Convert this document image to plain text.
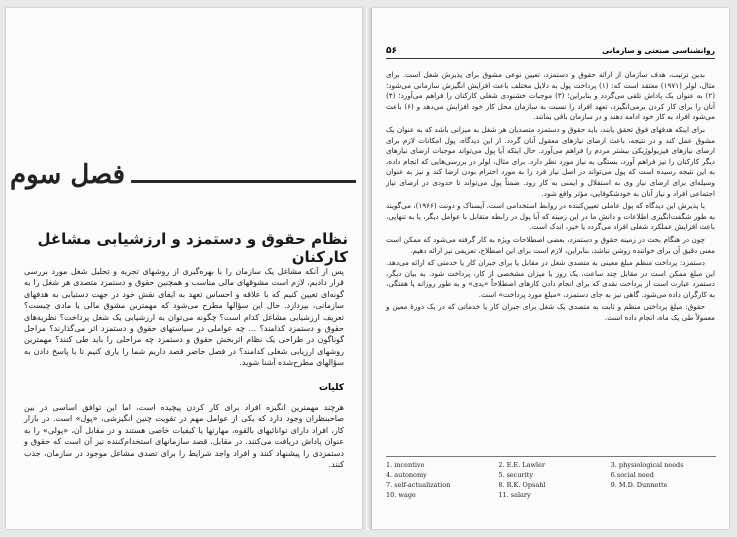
فصل سوم
نظام حقوق و دستمزد و ارزشیابی مشاغل کارکنان
پس از آنکه مشاغل یک سازمان را با بهره‌گیری از روشهای تجزیه و تحلیل شغل مورد بررسی قرار دادیم، لازم است مشوقهای مالی مناسب و همچنین حقوق و دستمزد متصدی هر شغل را به گونه‌ای تعیین کنیم که با علاقه و احساس تعهد به ایفای نقش خود در جهت دستیابی به هدفهای سازمانی، بپردازد. حال این سؤالها مطرح می‌شود که مهمترین مشوق مالی یا مادی چیست؟ تعریف ارزشیابی مشاغل کدام است؟ چگونه می‌توان به ارزشیابی یک شغل پرداخت؟ نظریه‌های حقوق و دستمزد کدامند؟ ... چه عواملی در سیاستهای حقوق و دستمزد اثر می‌گذارند؟ مراحل گوناگون در طراحی یک نظام اثربخش حقوق و دستمزد چه مراحلی را باید طی کنند؟ مهمترین روشهای ارزیابی شغلی کدامند؟ در فصل حاضر قصد داریم شما را یاری کنیم تا با پاسخ دادن به سؤالهای مطرح‌شده آشنا شوید.
کلیات
هرچند مهمترین انگیزه افراد برای کار کردن پیچیده است، اما این توافق اساسی در بین صاحبنظران وجود دارد که یکی از عوامل مهم در تقویت چنین انگیزشی، «پول» است. در بازار کار، افراد دارای توانائیهای بالقوه، مهارتها یا کیفیات خاصی هستند و در مقابل آن، «پولی» را به عنوان پاداش دریافت می‌کنند. در مقابل، قصد سازمانهای استخدام‌کننده نیز آن است که حقوق و دستمزدی را پیشنهاد کنند و افراد واجد شرایط را برای تصدی مشاغل موجود در سازمان، جذب کنند.
۵۶	روانشناسی صنعتی و سازمانی

بدین ترتیب، هدف سازمان از ارائه حقوق و دستمزد، تعیین نوعی مشوق برای پذیرش شغل است. برای مثال، لولر (۱۹۷۱) معتقد است که: (۱) پرداخت پول به دلایل مختلف باعث افزایش انگیزش سازمانی می‌شود؛ (۲) به عنوان یک پاداش تلقی می‌گردد و بنابراین؛ (۳) موجبات خشنودی شغلی کارکنان را فراهم می‌آورد؛ (۴) آنان را برای کار کردن برمی‌انگیزد، تعهد افراد را نسبت به سازمان محل کار خود افزایش می‌دهد و (۶) باعث می‌شود افراد به کار خود ادامه دهند و در سازمان باقی بمانند.

برای اینکه هدفهای فوق تحقق یابند، باید حقوق و دستمزد متصدیان هر شغل به میزانی باشد که به عنوان یک مشوق عمل کند و در نتیجه، باعث ارضای نیازهای معقول آنان گردد. از این دیدگاه، پول امکانات لازم برای ارضای نیازهای فیزیولوژیکی بیشتر مردم را فراهم می‌آورد. حال اینکه آیا پول می‌تواند موجبات ارضای نیازهای دیگر کارکنان را نیز فراهم آورد، بستگی به نیاز مورد نظر دارد. برای مثال، لولر در بررسی‌هایی که انجام داده، به این نتیجه رسیده است که پول می‌تواند در اصل نیاز فرد را به مورد احترام بودن ارضا کند و نیز به عنوان وسیله‌ای برای ارضای نیاز وی به استقلال و ایمنی به کار رود. ضمناً پول می‌تواند تا حدودی در ارضای نیاز اجتماعی افراد و نیاز آنان به خودشکوفایی، مؤثر واقع شود.

با پذیرش این دیدگاه که پول عاملی تعیین‌کننده در روابط استخدامی است، آیسناک و دونت (۱۹۶۶)، می‌گویند به طور شگفت‌انگیزی اطلاعات و دانش ما در این زمینه که آیا پول در رابطه متقابل با عوامل دیگر، یا به تنهایی، باعث افزایش عملکرد شغلی افراد می‌گردد یا خیر، اندک است.

چون در هنگام بحث در زمینه حقوق و دستمزد، بعضی اصطلاحات ویژه به کار گرفته می‌شود که ممکن است معنی دقیق آن برای خواننده روشن نباشد، بنابراین، لازم است برای این اصطلاح، تعریفی نیز ارائه دهیم.

دستمزد: پرداخت منظم مبلغ معینی به متصدی شغل در مقابل یا برای جبران کار یا خدمتی که ارائه می‌دهد. این مبلغ ممکن است در مقابل چند ساعت، یک روز یا میزان مشخصی از کار، پرداخت شود. به بیان دیگر، دستمزد عبارت است از پرداخت نقدی که برای انجام دادن کارهای اصطلاحاً «یدی» و به طور روزانه یا هفتگی، به کارگران داده می‌شود. گاهی نیز به جای دستمزد، «مبلغ مورد پرداخت» است.

حقوق: مبلغ پرداختی منظم و ثابت به متصدی یک شغل برای جبران کار یا خدماتی که در یک دورهٔ معین و معمولاً طی یک ماه، انجام داده است.

1. incentive	2. E.E. Lawler	3. physiological needs
4. autonomy	5. security	6.social need
7. self-actualization	8. R.K. Opsahl	9. M.D. Dunnette
10. wage	11. salary
